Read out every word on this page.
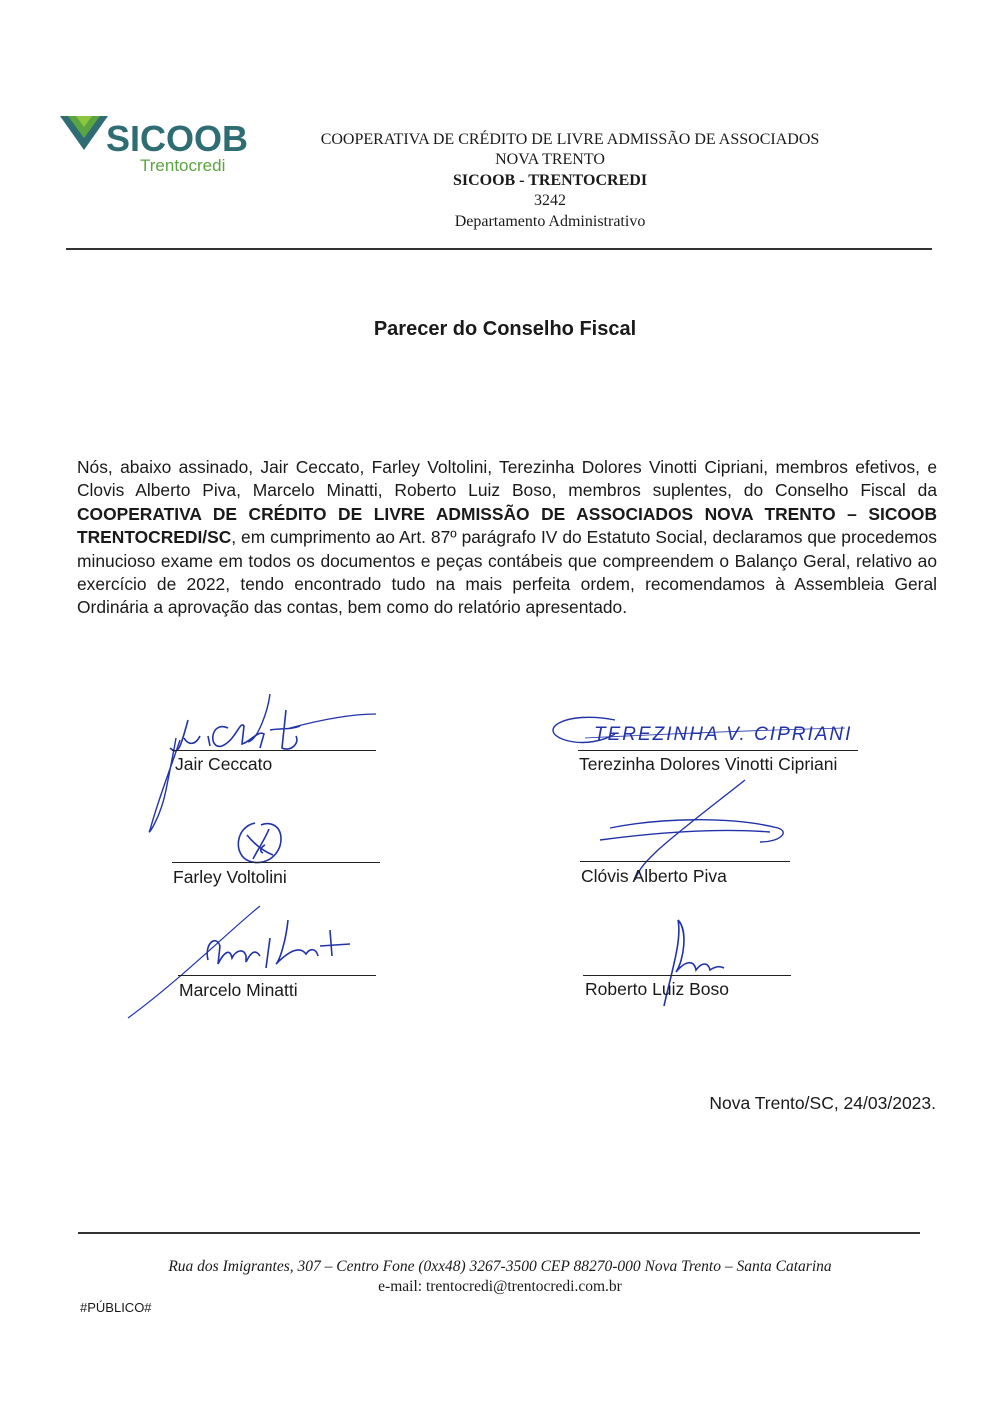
SICOOB
Trentocredi
COOPERATIVA DE CRÉDITO DE LIVRE ADMISSÃO DE ASSOCIADOS
NOVA TRENTO
SICOOB - TRENTOCREDI
3242
Departamento Administrativo
Parecer do Conselho Fiscal
Nós, abaixo assinado, Jair Ceccato, Farley Voltolini, Terezinha Dolores Vinotti Cipriani, membros efetivos, e Clovis Alberto Piva, Marcelo Minatti, Roberto Luiz Boso, membros suplentes, do Conselho Fiscal da COOPERATIVA DE CRÉDITO DE LIVRE ADMISSÃO DE ASSOCIADOS NOVA TRENTO – SICOOB TRENTOCREDI/SC, em cumprimento ao Art. 87º parágrafo IV do Estatuto Social, declaramos que procedemos minucioso exame em todos os documentos e peças contábeis que compreendem o Balanço Geral, relativo ao exercício de 2022, tendo encontrado tudo na mais perfeita ordem, recomendamos à Assembleia Geral Ordinária a aprovação das contas, bem como do relatório apresentado.
Jair Ceccato
TEREZINHA V. CIPRIANI
Terezinha Dolores Vinotti Cipriani
Farley Voltolini	Clóvis Alberto Piva
Marcelo Minatti	Roberto Luiz Boso
Nova Trento/SC, 24/03/2023.
Rua dos Imigrantes, 307 – Centro Fone (0xx48) 3267-3500 CEP 88270-000 Nova Trento – Santa Catarina
e-mail: trentocredi@trentocredi.com.br
#PÚBLICO#
